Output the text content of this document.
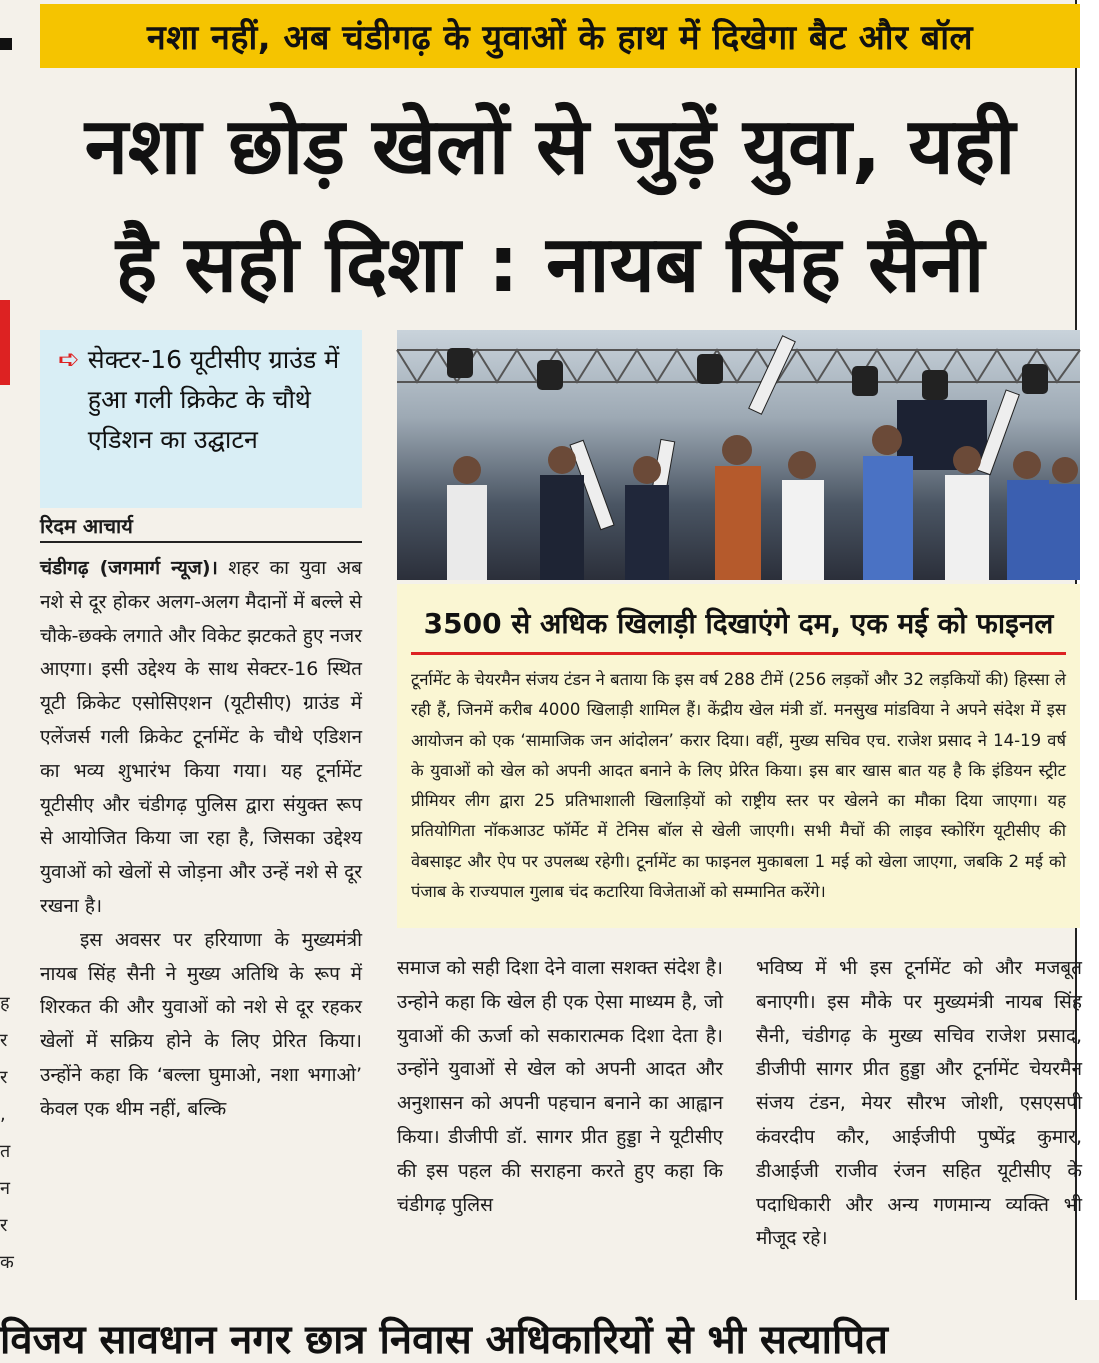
नशा नहीं, अब चंडीगढ़ के युवाओं के हाथ में दिखेगा बैट और बॉल
नशा छोड़ खेलों से जुड़ें युवा, यही
है सही दिशा : नायब सिंह सैनी
➪ सेक्टर-16 यूटीसीए ग्राउंड में हुआ गली क्रिकेट के चौथे एडिशन का उद्घाटन
रिदम आचार्य

चंडीगढ़ (जगमार्ग न्यूज)। शहर का युवा अब नशे से दूर होकर अलग-अलग मैदानों में बल्ले से चौके-छक्के लगाते और विकेट झटकते हुए नजर आएगा। इसी उद्देश्य के साथ सेक्टर-16 स्थित यूटी क्रिकेट एसोसिएशन (यूटीसीए) ग्राउंड में एलेंजर्स गली क्रिकेट टूर्नामेंट के चौथे एडिशन का भव्य शुभारंभ किया गया। यह टूर्नामेंट यूटीसीए और चंडीगढ़ पुलिस द्वारा संयुक्त रूप से आयोजित किया जा रहा है, जिसका उद्देश्य युवाओं को खेलों से जोड़ना और उन्हें नशे से दूर रखना है।

इस अवसर पर हरियाणा के मुख्यमंत्री नायब सिंह सैनी ने मुख्य अतिथि के रूप में शिरकत की और युवाओं को नशे से दूर रहकर खेलों में सक्रिय होने के लिए प्रेरित किया। उन्होंने कहा कि ‘बल्ला घुमाओ, नशा भगाओ’ केवल एक थीम नहीं, बल्कि

3500 से अधिक खिलाड़ी दिखाएंगे दम, एक मई को फाइनल

टूर्नामेंट के चेयरमैन संजय टंडन ने बताया कि इस वर्ष 288 टीमें (256 लड़कों और 32 लड़कियों की) हिस्सा ले रही हैं, जिनमें करीब 4000 खिलाड़ी शामिल हैं। केंद्रीय खेल मंत्री डॉ. मनसुख मांडविया ने अपने संदेश में इस आयोजन को एक ‘सामाजिक जन आंदोलन’ करार दिया। वहीं, मुख्य सचिव एच. राजेश प्रसाद ने 14-19 वर्ष के युवाओं को खेल को अपनी आदत बनाने के लिए प्रेरित किया। इस बार खास बात यह है कि इंडियन स्ट्रीट प्रीमियर लीग द्वारा 25 प्रतिभाशाली खिलाड़ियों को राष्ट्रीय स्तर पर खेलने का मौका दिया जाएगा। यह प्रतियोगिता नॉकआउट फॉर्मेट में टेनिस बॉल से खेली जाएगी। सभी मैचों की लाइव स्कोरिंग यूटीसीए की वेबसाइट और ऐप पर उपलब्ध रहेगी। टूर्नामेंट का फाइनल मुकाबला 1 मई को खेला जाएगा, जबकि 2 मई को पंजाब के राज्यपाल गुलाब चंद कटारिया विजेताओं को सम्मानित करेंगे।

समाज को सही दिशा देने वाला सशक्त संदेश है। उन्होने कहा कि खेल ही एक ऐसा माध्यम है, जो युवाओं की ऊर्जा को सकारात्मक दिशा देता है। उन्होंने युवाओं से खेल को अपनी आदत और अनुशासन को अपनी पहचान बनाने का आह्वान किया। डीजीपी डॉ. सागर प्रीत हुड्डा ने यूटीसीए की इस पहल की सराहना करते हुए कहा कि चंडीगढ़ पुलिस

भविष्य में भी इस टूर्नामेंट को और मजबूत बनाएगी। इस मौके पर मुख्यमंत्री नायब सिंह सैनी, चंडीगढ़ के मुख्य सचिव राजेश प्रसाद, डीजीपी सागर प्रीत हुड्डा और टूर्नामेंट चेयरमैन संजय टंडन, मेयर सौरभ जोशी, एसएसपी कंवरदीप कौर, आईजीपी पुष्पेंद्र कुमार, डीआईजी राजीव रंजन सहित यूटीसीए के पदाधिकारी और अन्य गणमान्य व्यक्ति भी मौजूद रहे।

ह
र
र
,
त
न
र
क
विजय सावधान नगर छात्र निवास अधिकारियों से भी सत्यापित
